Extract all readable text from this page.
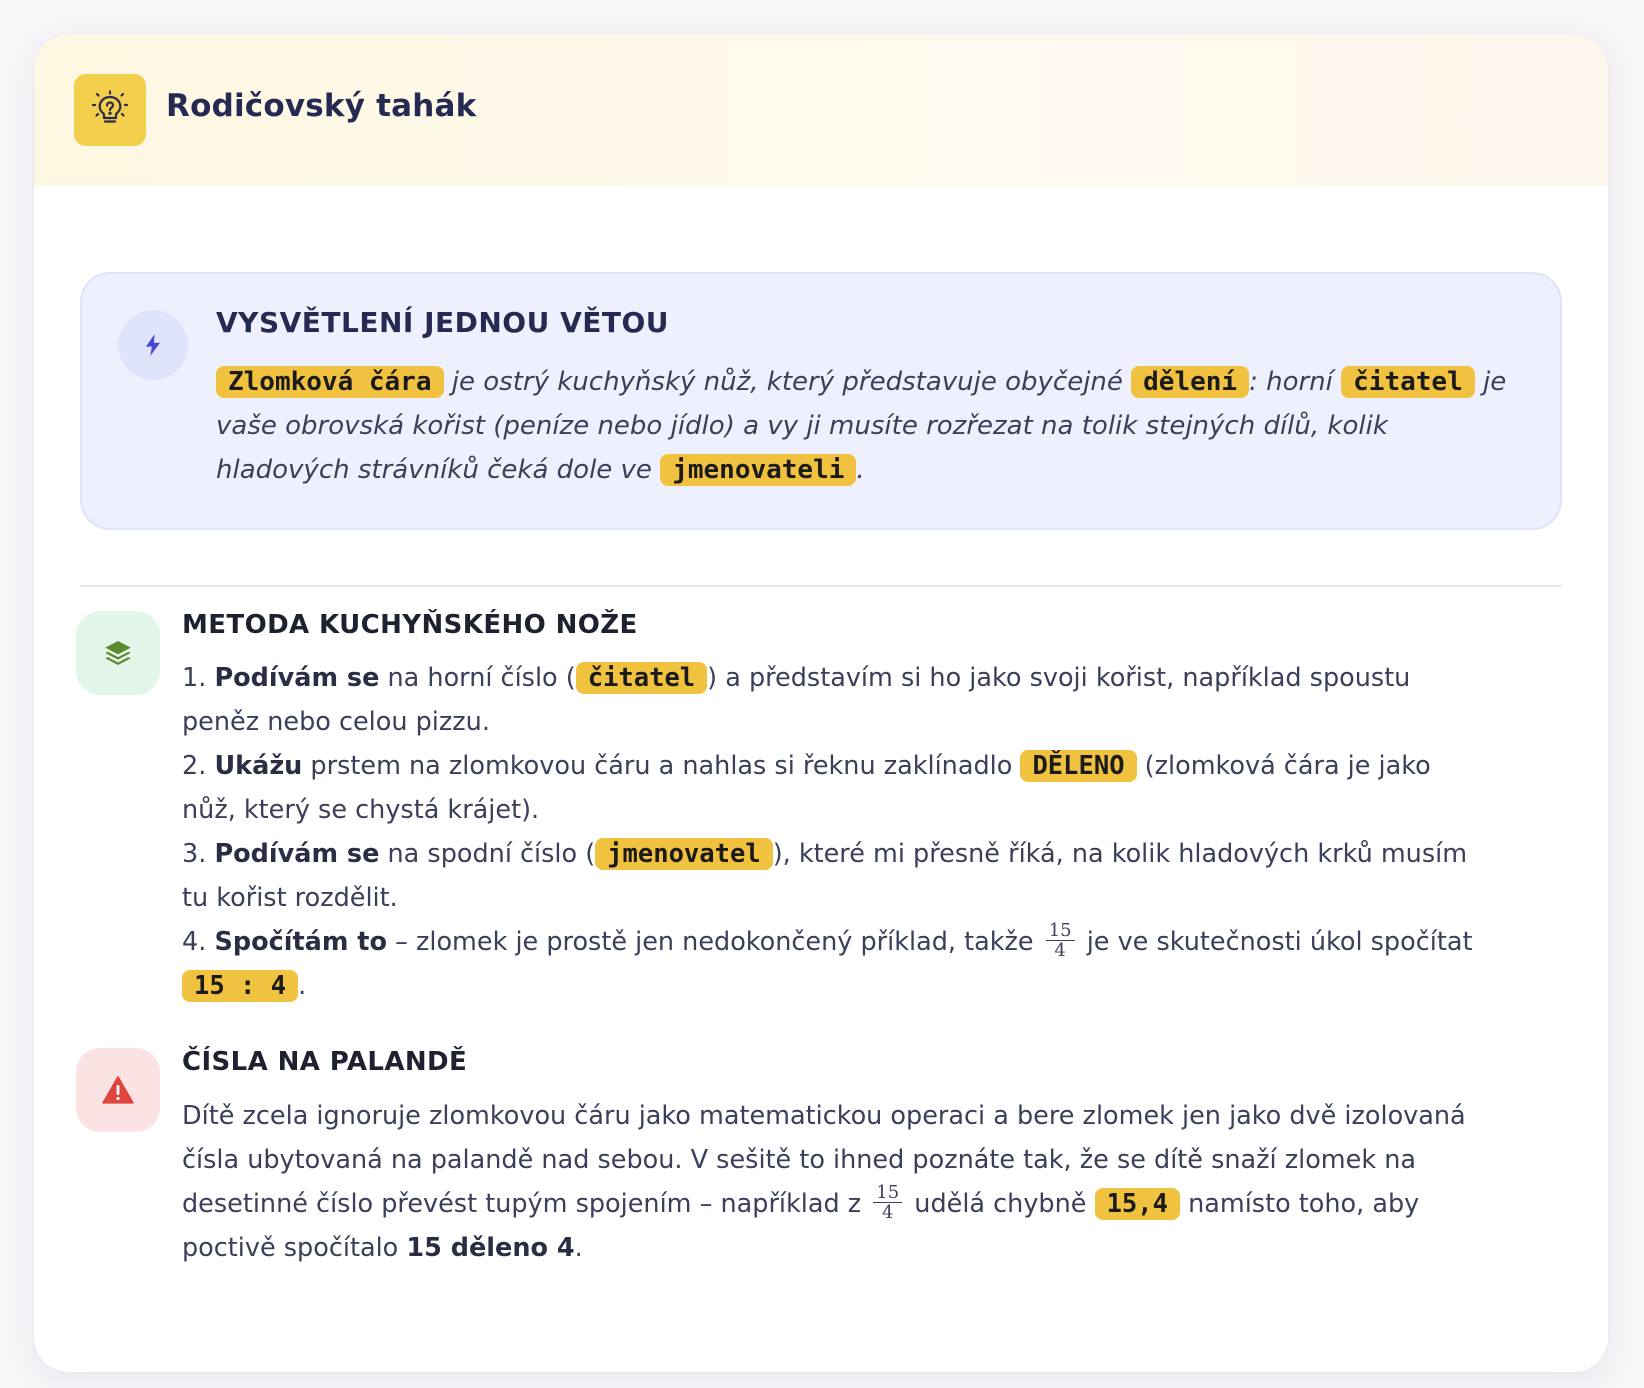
Rodičovský tahák
VYSVĚTLENÍ JEDNOU VĚTOU

Zlomková čára je ostrý kuchyňský nůž, který představuje obyčejné dělení : horní čitatel je vaše obrovská kořist (peníze nebo jídlo) a vy ji musíte rozřezat na tolik stejných dílů, kolik hladových strávníků čeká dole ve jmenovateli .

METODA KUCHYŇSKÉHO NOŽE

1. Podívám se na horní číslo ( čitatel ) a představím si ho jako svoji kořist, například spoustu peněz nebo celou pizzu.

2. Ukážu prstem na zlomkovou čáru a nahlas si řeknu zaklínadlo DĚLENO (zlomková čára je jako nůž, který se chystá krájet).

3. Podívám se na spodní číslo ( jmenovatel ), které mi přesně říká, na kolik hladových krků musím tu kořist rozdělit.

4. Spočítám to – zlomek je prostě jen nedokončený příklad, takže $\frac{15}{4}$ je ve skutečnosti úkol spočítat 15 : 4 .

ČÍSLA NA PALANDĚ

Dítě zcela ignoruje zlomkovou čáru jako matematickou operaci a bere zlomek jen jako dvě izolovaná čísla ubytovaná na palandě nad sebou. V sešitě to ihned poznáte tak, že se dítě snaží zlomek na desetinné číslo převést tupým spojením – například z $\frac{15}{4}$ udělá chybně 15,4 namísto toho, aby poctivě spočítalo 15 děleno 4.
